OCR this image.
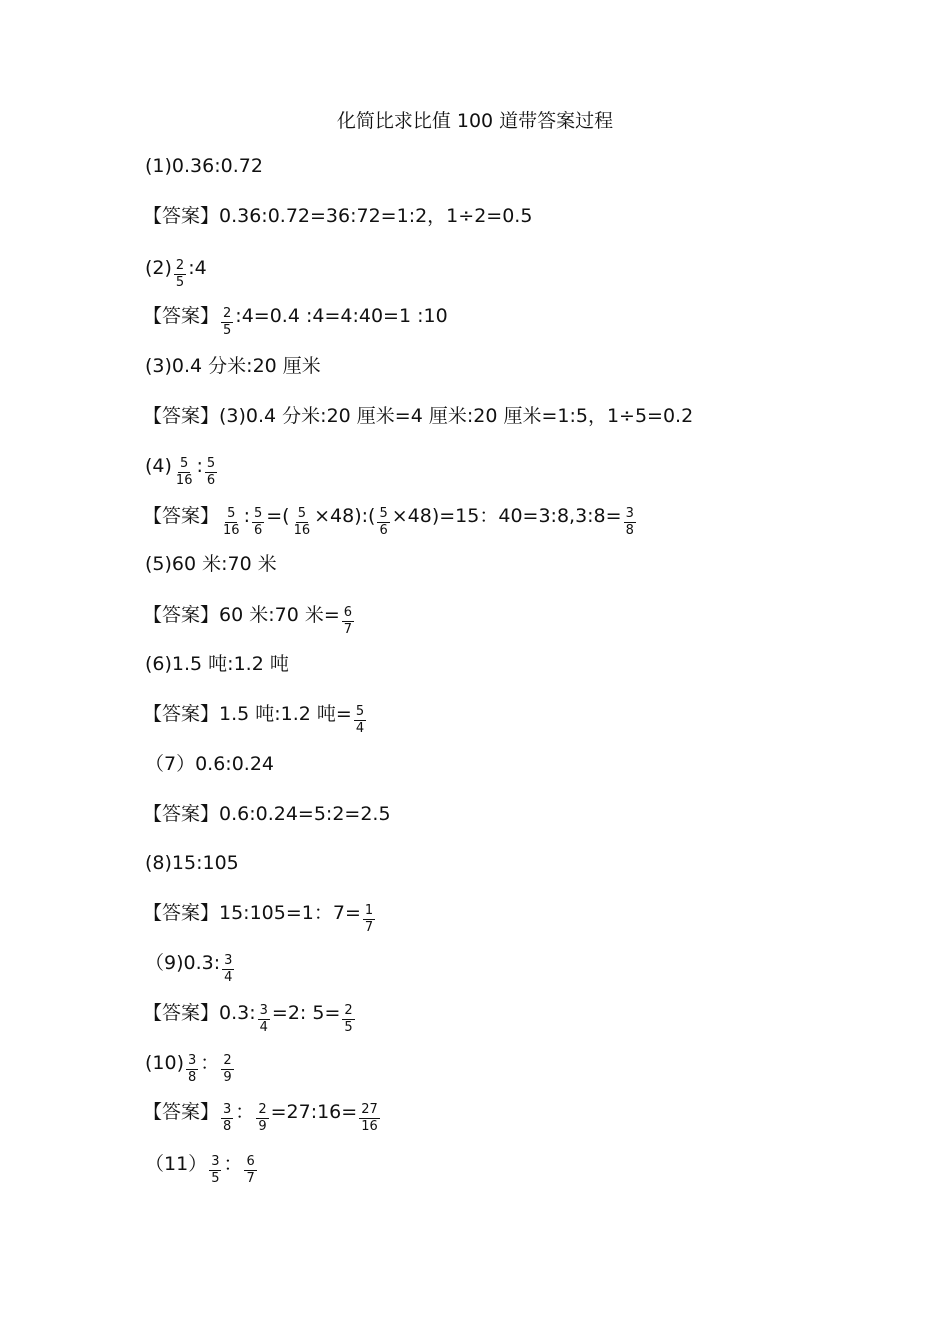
化简比求比值 100 道带答案过程
(1)0.36:0.72
【答案】0.36:0.72=36:72=1:2，1÷2=0.5
$(2) \frac{2}{5}$ :4
【答案】 $\frac{2}{5}$ :4=0.4 :4=4:40=1 :10
(3)0.4 分米:20 厘米
【答案】(3)0.4 分米:20 厘米=4 厘米:20 厘米=1:5，1÷5=0.2
$(4) \frac{5}{16}$ : $\frac{5}{6}$
【答案】 $\frac{5}{16}$ : $\frac{5}{6}$ =( $\frac{5}{16}$ ×48):( $\frac{5}{6} \times 48)=15$：40=3:8,3:8= $\frac{3}{8}$
(5)60 米:70 米
【答案】60 米:70 米= $\frac{6}{7}$
(6)1.5 吨:1.2 吨
【答案】1.5 吨:1.2 吨= $\frac{5}{4}$
（7）0.6:0.24
【答案】0.6:0.24=5:2=2.5
(8)15:105
【答案】15:105=1：$7= \frac{1}{7}$
（9)0.3: $\frac{3}{4}$
【答案】0.3: $\frac{3}{4} =2$: $5= \frac{2}{5}$
$(10) \frac{3}{8}$ ： $\frac{2}{9}$
【答案】 $\frac{3}{8}$ ： $\frac{2}{9}$ =27:16= $\frac{27}{16}$
$(11) \frac{3}{5}$ ： $\frac{6}{7}$
